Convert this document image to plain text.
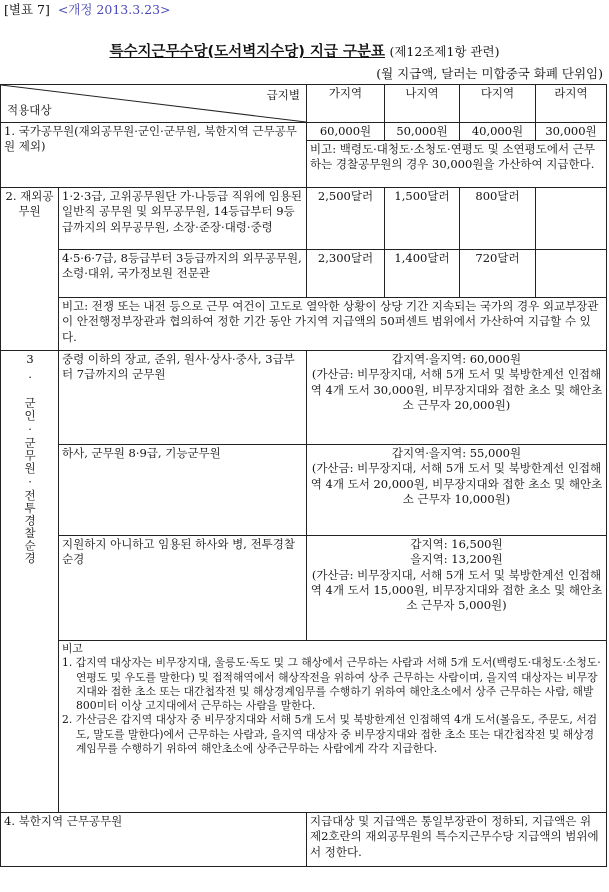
[별표 7] <개정 2013.3.23>
특수지근무수당(도서벽지수당) 지급 구분표 (제12조제1항 관련)
(월 지급액, 달러는 미합중국 화폐 단위임)
급지별
적용대상		가지역	나지역	다지역	라지역
1. 국가공무원(재외공무원·군인·군무원, 북한지역 근무공무원 제외)		60,000원	50,000원	40,000원	30,000원
		비고: 백령도·대청도·소청도·연평도 및 소연평도에서 근무하는 경찰공무원의 경우 30,000원을 가산하여 지급한다.			
2. 재외공무원	1·2·3급, 고위공무원단 가·나등급 직위에 임용된 일반직 공무원 및 외무공무원, 14등급부터 9등급까지의 외무공무원, 소장·준장·대령·중령	2,500달러	1,500달러	800달러	
	4·5·6·7급, 8등급부터 3등급까지의 외무공무원, 소령·대위, 국가정보원 전문관	2,300달러	1,400달러	720달러	
	비고: 전쟁 또는 내전 등으로 근무 여건이 고도로 열악한 상황이 상당 기간 지속되는 국가의 경우 외교부장관이 안전행정부장관과 협의하여 정한 기간 동안 가지역 지급액의 50퍼센트 범위에서 가산하여 지급할 수 있다.				

3. 군인·군무원·전투경찰순경	중령 이하의 장교, 준위, 원사·상사·중사, 3급부터 7급까지의 군무원	갑지역·을지역: 60,000원
(가산금: 비무장지대, 서해 5개 도서 및 북방한계선 인접해역 4개 도서 30,000원, 비무장지대와 접한 초소 및 해안초소 근무자 20,000원)			

	하사, 군무원 8·9급, 기능군무원	갑지역·을지역: 55,000원
(가산금: 비무장지대, 서해 5개 도서 및 북방한계선 인접해역 4개 도서 20,000원, 비무장지대와 접한 초소 및 해안초소 근무자 10,000원)			

	지원하지 아니하고 임용된 하사와 병, 전투경찰순경	갑지역: 16,500원
을지역: 13,200원
(가산금: 비무장지대, 서해 5개 도서 및 북방한계선 인접해역 4개 도서 15,000원, 비무장지대와 접한 초소 및 해안초소 근무자 5,000원)			

	비고
1. 갑지역 대상자는 비무장지대, 울릉도·독도 및 그 해상에서 근무하는 사람과 서해 5개 도서(백령도·대청도·소청도·연평도 및 우도를 말한다) 및 접적해역에서 해상작전을 위하여 상주 근무하는 사람이며, 을지역 대상자는 비무장지대와 접한 초소 또는 대간첩작전 및 해상경계임무를 수행하기 위하여 해안초소에서 상주 근무하는 사람, 해발 800미터 이상 고지대에서 근무하는 사람을 말한다.
2. 가산금은 갑지역 대상자 중 비무장지대와 서해 5개 도서 및 북방한계선 인접해역 4개 도서(볼음도, 주문도, 서검도, 말도를 말한다)에서 근무하는 사람과, 을지역 대상자 중 비무장지대와 접한 초소 또는 대간첩작전 및 해상경계임무를 수행하기 위하여 해안초소에 상주근무하는 사람에게 각각 지급한다.				

4. 북한지역 근무공무원		지급대상 및 지급액은 통일부장관이 정하되, 지급액은 위 제2호란의 재외공무원의 특수지근무수당 지급액의 범위에서 정한다.			
